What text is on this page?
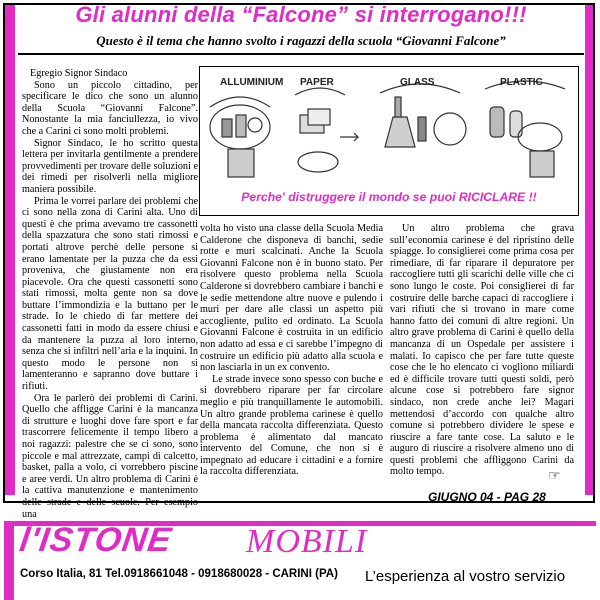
Gli alunni della “Falcone” si interrogano!!!
Questo è il tema che hanno svolto i ragazzi della scuola “Giovanni Falcone”

Egregio Signor Sindaco

Sono un piccolo cittadino, per specificare le dico che sono un alunno della Scuola “Giovanni Falcone”. Nonostante la mia fanciullezza, io vivo che a Carini ci sono molti problemi.

Signor Sindaco, le ho scritto questa lettera per invitarla gentilmente a prendere provvedimenti per trovare delle soluzioni e dei rimedi per risolverli nella migliore maniera possibile.

Prima le vorrei parlare dei problemi che ci sono nella zona di Carini alta. Uno di questi è che prima avevamo tre cassonetti della spazzatura che sono stati rimossi e portati altrove perchè delle persone si erano lamentate per la puzza che da essi proveniva, che giustamente non era piacevole. Ora che questi cassonetti sono stati rimossi, molta gente non sa dove buttare l’immondizia e la buttano per le strade. Io le chiedo di far mettere dei cassonetti fatti in modo da essere chiusi e da mantenere la puzza al loro interno, senza che si infiltri nell’aria e la inquini. In questo modo le persone non si lamenteranno e sapranno dove buttare i rifiuti.

Ora le parlerò dei problemi di Carini. Quello che affligge Carini è la mancanza di strutture e luoghi dove fare sport e far trascorrere felicemente il tempo libero a noi ragazzi: palestre che se ci sono, sono piccole e mal attrezzate, campi di calcetto, basket, palla a volo, ci vorrebbero piscine e aree verdi. Un altro problema di Carini è la cattiva manutenzione e mantenimento delle strade e delle scuole. Per esempio una

ALLUMINIUM PAPER	GLASS	PLASTIC
Perche' distruggere il mondo se puoi RICICLARE !!

volta ho visto una classe della Scuola Media Calderone che disponeva di banchi, sedie rotte e muri scalcinati. Anche la Scuola Giovanni Falcone non è in buono stato. Per risolvere questo problema nella Scuola Calderone si dovrebbero cambiare i banchi e le sedie mettendone altre nuove e pulendo i muri per dare alle classi un aspetto più accogliente, pulito ed ordinato. La Scuola Giovanni Falcone è costruita in un edificio non adatto ad essa e ci sarebbe l’impegno di costruire un edificio più adatto alla scuola e non lasciarla in un ex convento.

Le strade invece sono spesso con buche e si dovrebbero riparare per far circolare meglio e più tranquillamente le automobili. Un altro grande problema carinese è quello della mancata raccolta differenziata. Questo problema è alimentato dal mancato intervento del Comune, che non si è impegnato ad educare i cittadini e a fornire la raccolta differenziata.

Un altro problema che grava sull’economia carinese è del ripristino delle spiagge. Io consiglierei come prima cosa per rimediare, di far riparare il depuratore per raccogliere tutti gli scarichi delle ville che ci sono lungo le coste. Poi consiglierei di far costruire delle barche capaci di raccogliere i vari rifiuti che si trovano in mare come hanno fatto dei comuni di altre regioni. Un altro grave problema di Carini è quello della mancanza di un Ospedale per assistere i malati. Io capisco che per fare tutte queste cose che le ho elencato ci vogliono miliardi ed è difficile trovare tutti questi soldi, però alcune cose si potrebbero fare signor sindaco, non crede anche lei? Magari mettendosi d’accordo con qualche altro comune si potrebbero dividere le spese e riuscire a fare tante cose. La saluto e le auguro di riuscire a risolvere almeno uno di questi problemi che affliggono Carini da molto tempo.	☞
GIUGNO 04 - PAG 28
l'ISTONE MOBILI
Corso Italia, 81 Tel.0918661048 - 0918680028 - CARINI (PA) L’esperienza al vostro servizio
